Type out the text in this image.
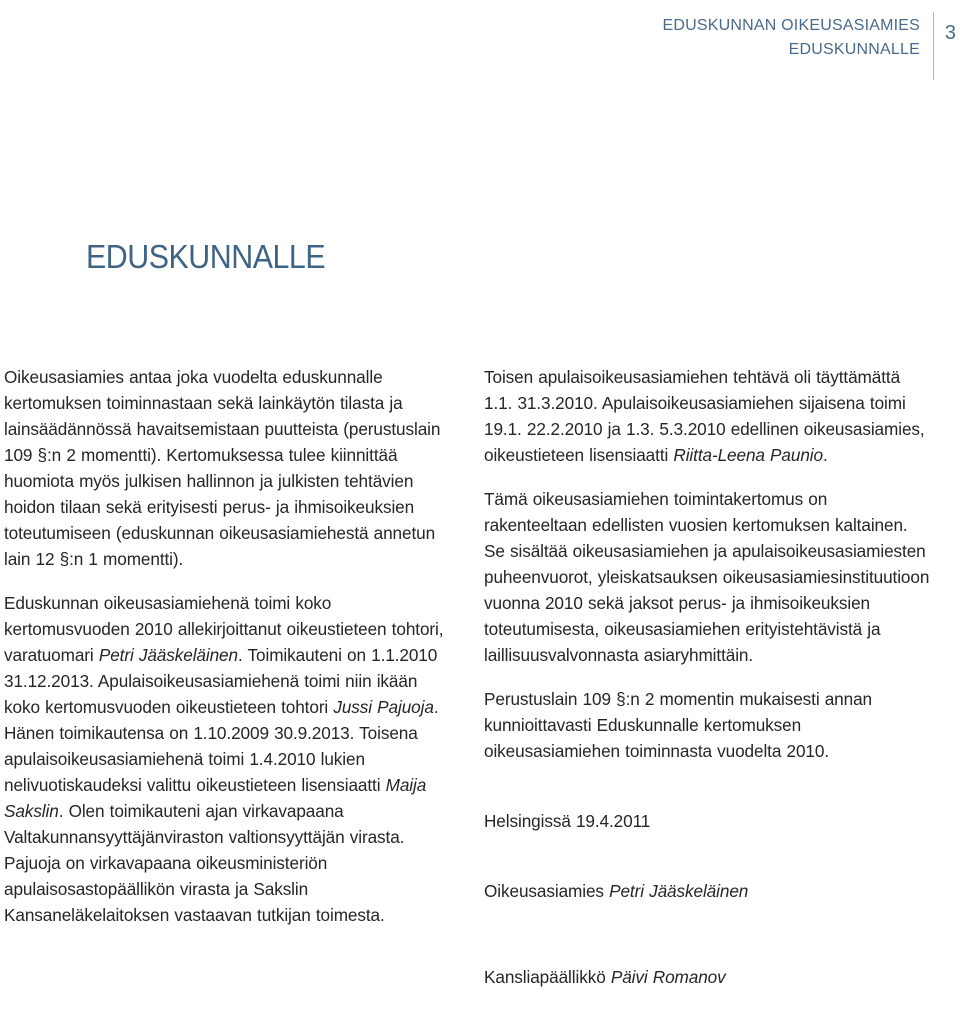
EDUSKUNNAN OIKEUSASIAMIES
EDUSKUNNALLE
3
EDUSKUNNALLE

Oikeusasiamies antaa joka vuodelta eduskunnalle kertomuksen toiminnastaan sekä lainkäytön tilasta ja lainsäädännössä havaitsemistaan puutteista (perustuslain 109 §:n 2 momentti). Kertomuksessa tulee kiinnittää huomiota myös julkisen hallinnon ja julkisten tehtävien hoidon tilaan sekä erityisesti perus- ja ihmisoikeuksien toteutumiseen (eduskunnan oikeusasiamiehestä annetun lain 12 §:n 1 momentti).

Eduskunnan oikeusasiamiehenä toimi koko kertomusvuoden 2010 allekirjoittanut oikeustieteen tohtori, varatuomari Petri Jääskeläinen. Toimikauteni on 1.1.2010 31.12.2013. Apulaisoikeusasiamiehenä toimi niin ikään koko kertomusvuoden oikeustieteen tohtori Jussi Pajuoja. Hänen toimikautensa on 1.10.2009 30.9.2013. Toisena apulaisoikeusasiamiehenä toimi 1.4.2010 lukien nelivuotiskaudeksi valittu oikeustieteen lisensiaatti Maija Sakslin. Olen toimikauteni ajan virkavapaana Valtakunnansyyttäjänviraston valtionsyyttäjän virasta. Pajuoja on virkavapaana oikeusministeriön apulaisosastopäällikön virasta ja Sakslin Kansaneläkelaitoksen vastaavan tutkijan toimesta.

Toisen apulaisoikeusasiamiehen tehtävä oli täyttämättä 1.1. 31.3.2010. Apulaisoikeusasiamiehen sijaisena toimi 19.1. 22.2.2010 ja 1.3. 5.3.2010 edellinen oikeusasiamies, oikeustieteen lisensiaatti Riitta-Leena Paunio.

Tämä oikeusasiamiehen toimintakertomus on rakenteeltaan edellisten vuosien kertomuksen kaltainen. Se sisältää oikeusasiamiehen ja apulaisoikeusasiamiesten puheenvuorot, yleiskatsauksen oikeusasiamiesinstituutioon vuonna 2010 sekä jaksot perus- ja ihmisoikeuksien toteutumisesta, oikeusasiamiehen erityistehtävistä ja laillisuusvalvonnasta asiaryhmittäin.

Perustuslain 109 §:n 2 momentin mukaisesti annan kunnioittavasti Eduskunnalle kertomuksen oikeusasiamiehen toiminnasta vuodelta 2010.

Helsingissä 19.4.2011

Oikeusasiamies Petri Jääskeläinen

Kansliapäällikkö Päivi Romanov
